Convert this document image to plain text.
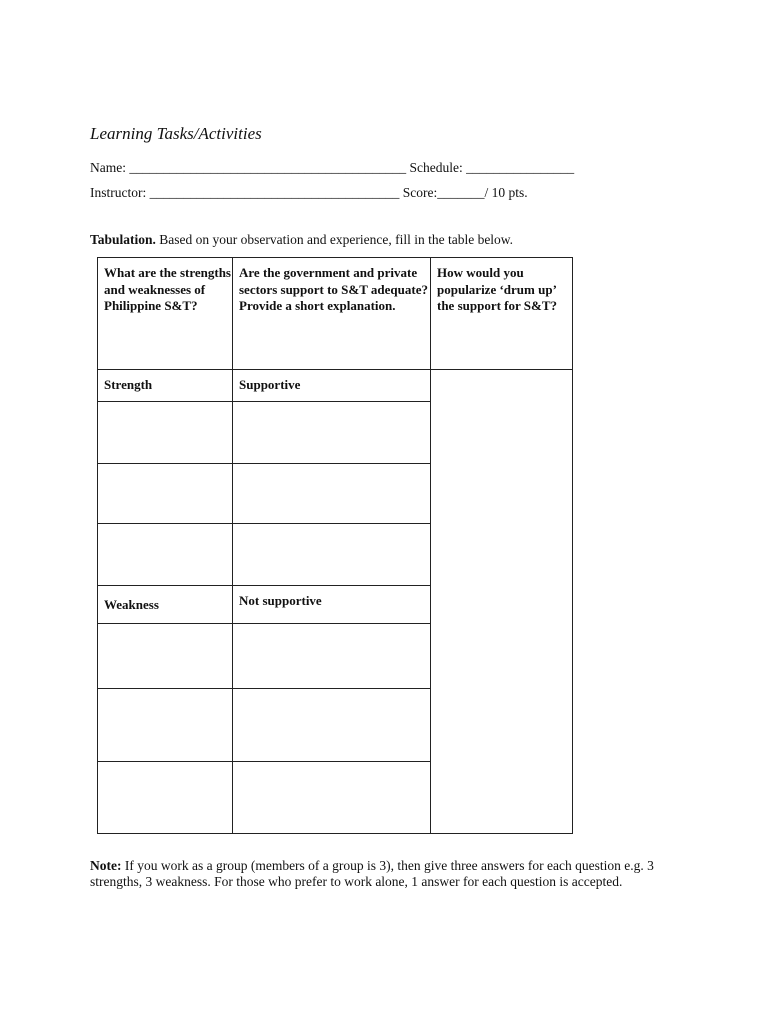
Learning Tasks/Activities
Name: _________________________________________ Schedule: ________________
Instructor: _____________________________________ Score:_______/ 10 pts.
Tabulation. Based on your observation and experience, fill in the table below.
What are the strengths and weaknesses of Philippine S&T?	Are the government and private sectors support to S&T adequate? Provide a short explanation.	How would you popularize ‘drum up’ the support for S&T?
Strength	Supportive	

Weakness	Not supportive	

Note: If you work as a group (members of a group is 3), then give three answers for each question e.g. 3 strengths, 3 weakness. For those who prefer to work alone, 1 answer for each question is accepted.
